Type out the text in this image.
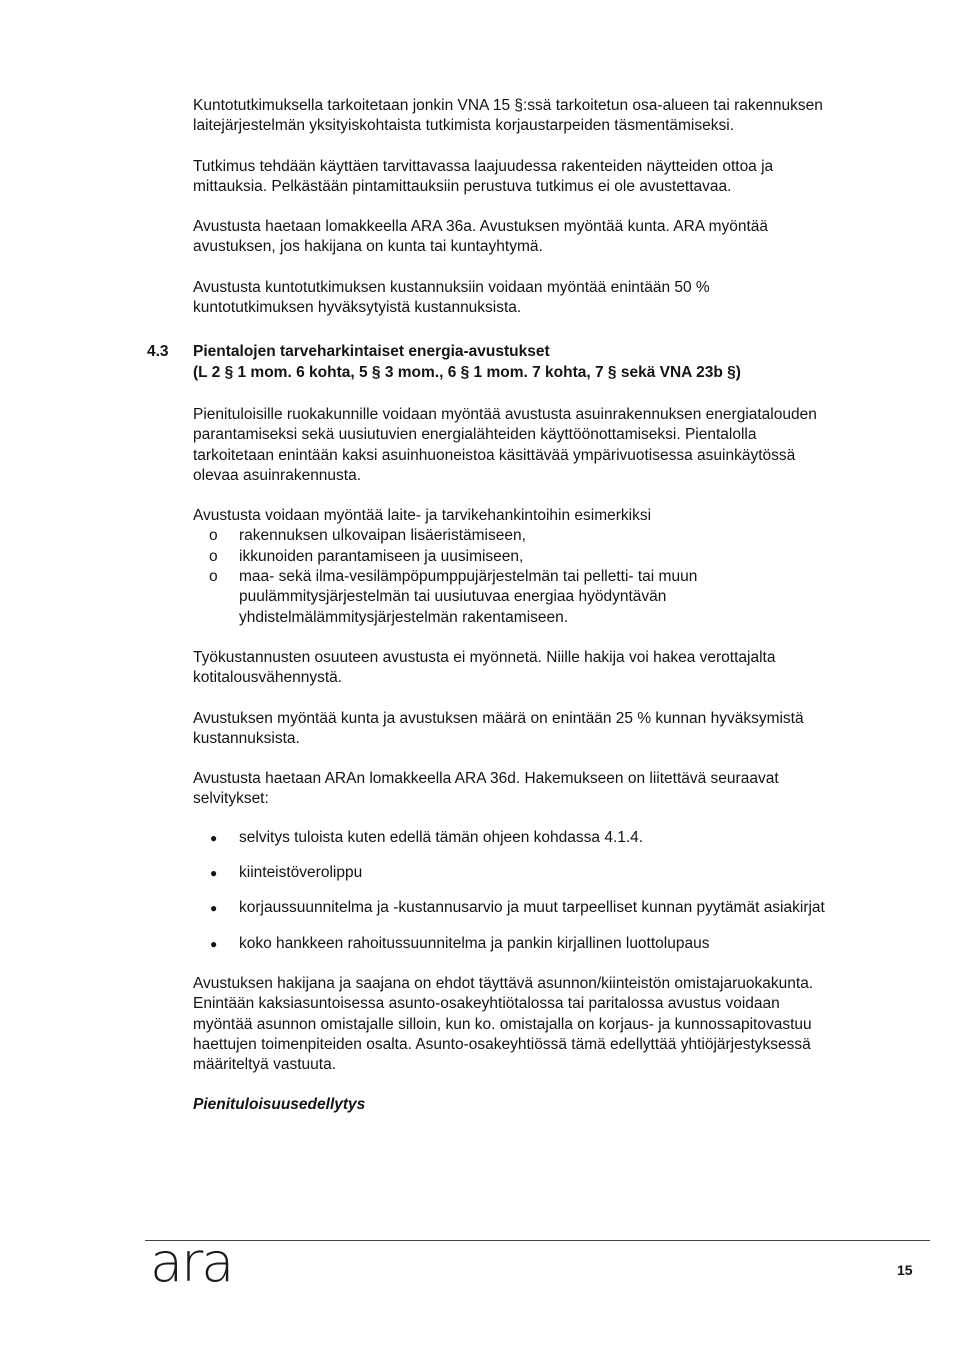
Kuntotutkimuksella tarkoitetaan jonkin VNA 15 §:ssä tarkoitetun osa-alueen tai rakennuksen laitejärjestelmän yksityiskohtaista tutkimista korjaustarpeiden täsmentämiseksi.

Tutkimus tehdään käyttäen tarvittavassa laajuudessa rakenteiden näytteiden ottoa ja mittauksia. Pelkästään pintamittauksiin perustuva tutkimus ei ole avustettavaa.

Avustusta haetaan lomakkeella ARA 36a. Avustuksen myöntää kunta. ARA myöntää avustuksen, jos hakijana on kunta tai kuntayhtymä.

Avustusta kuntotutkimuksen kustannuksiin voidaan myöntää enintään 50 % kuntotutkimuksen hyväksytyistä kustannuksista.

4.3 Pientalojen tarveharkintaiset energia-avustukset
(L 2 § 1 mom. 6 kohta, 5 § 3 mom., 6 § 1 mom. 7 kohta, 7 § sekä VNA 23b §)

Pienituloisille ruokakunnille voidaan myöntää avustusta asuinrakennuksen energiatalouden parantamiseksi sekä uusiutuvien energialähteiden käyttöönottamiseksi. Pientalolla tarkoitetaan enintään kaksi asuinhuoneistoa käsittävää ympärivuotisessa asuinkäytössä olevaa asuinrakennusta.

Avustusta voidaan myöntää laite- ja tarvikehankintoihin esimerkiksi
o rakennuksen ulkovaipan lisäeristämiseen,
o ikkunoiden parantamiseen ja uusimiseen,
o maa- sekä ilma-vesilämpöpumppujärjestelmän tai pelletti- tai muun puulämmitysjärjestelmän tai uusiutuvaa energiaa hyödyntävän yhdistelmälämmitysjärjestelmän rakentamiseen.

Työkustannusten osuuteen avustusta ei myönnetä. Niille hakija voi hakea verottajalta kotitalousvähennystä.

Avustuksen myöntää kunta ja avustuksen määrä on enintään 25 % kunnan hyväksymistä kustannuksista.

Avustusta haetaan ARAn lomakkeella ARA 36d. Hakemukseen on liitettävä seuraavat selvitykset:
● selvitys tuloista kuten edellä tämän ohjeen kohdassa 4.1.4.
● kiinteistöverolippu
● korjaussuunnitelma ja -kustannusarvio ja muut tarpeelliset kunnan pyytämät asiakirjat
● koko hankkeen rahoitussuunnitelma ja pankin kirjallinen luottolupaus

Avustuksen hakijana ja saajana on ehdot täyttävä asunnon/kiinteistön omistajaruokakunta. Enintään kaksiasuntoisessa asunto-osakeyhtiötalossa tai paritalossa avustus voidaan myöntää asunnon omistajalle silloin, kun ko. omistajalla on korjaus- ja kunnossapitovastuu haettujen toimenpiteiden osalta. Asunto-osakeyhtiössä tämä edellyttää yhtiöjärjestyksessä määriteltyä vastuuta.

Pienituloisuusedellytys
ara	15
